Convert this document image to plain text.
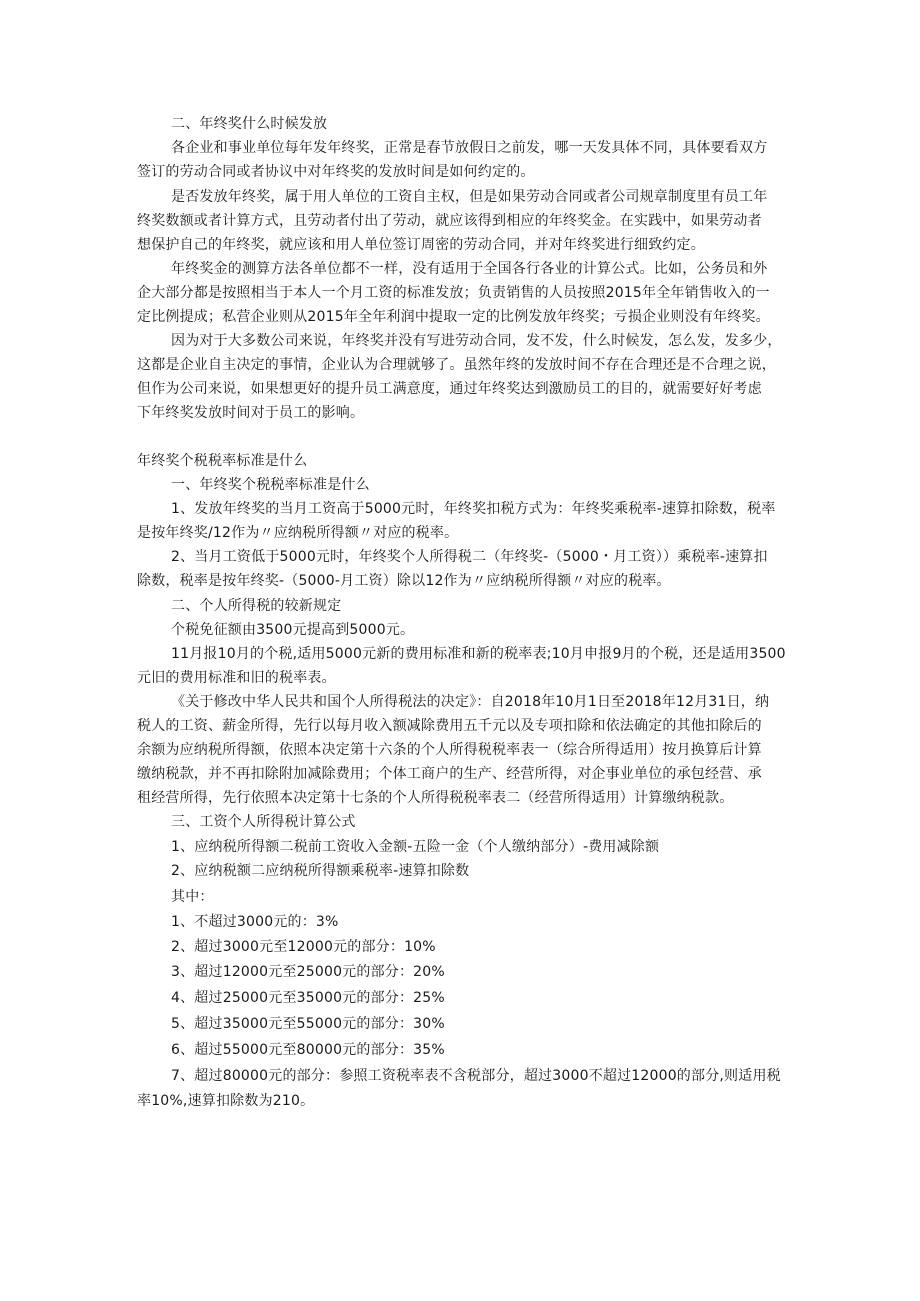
二、年终奖什么时候发放
各企业和事业单位每年发年终奖，正常是春节放假日之前发，哪一天发具体不同，具体要看双方
签订的劳动合同或者协议中对年终奖的发放时间是如何约定的。
是否发放年终奖，属于用人单位的工资自主权，但是如果劳动合同或者公司规章制度里有员工年
终奖数额或者计算方式，且劳动者付出了劳动，就应该得到相应的年终奖金。在实践中，如果劳动者
想保护自己的年终奖，就应该和用人单位签订周密的劳动合同，并对年终奖进行细致约定。
年终奖金的测算方法各单位都不一样，没有适用于全国各行各业的计算公式。比如，公务员和外
企大部分都是按照相当于本人一个月工资的标准发放；负责销售的人员按照2015年全年销售收入的一
定比例提成；私营企业则从2015年全年利润中提取一定的比例发放年终奖；亏损企业则没有年终奖。
因为对于大多数公司来说，年终奖并没有写进劳动合同，发不发，什么时候发，怎么发，发多少，
这都是企业自主决定的事情，企业认为合理就够了。虽然年终的发放时间不存在合理还是不合理之说，
但作为公司来说，如果想更好的提升员工满意度，通过年终奖达到激励员工的目的，就需要好好考虑
下年终奖发放时间对于员工的影响。
年终奖个税税率标准是什么
一、年终奖个税税率标准是什么
1、发放年终奖的当月工资高于5000元时，年终奖扣税方式为：年终奖乘税率-速算扣除数，税率
是按年终奖/12作为〃应纳税所得额〃对应的税率。
2、当月工资低于5000元时，年终奖个人所得税二（年终奖-（5000・月工资））乘税率-速算扣
除数，税率是按年终奖-（5000-月工资）除以12作为〃应纳税所得额〃对应的税率。
二、个人所得税的较新规定
个税免征额由3500元提高到5000元。
11月报10月的个税,适用5000元新的费用标准和新的税率表;10月申报9月的个税，还是适用3500
元旧的费用标准和旧的税率表。
《关于修改中华人民共和国个人所得税法的决定》：自2018年10月1日至2018年12月31日，纳
税人的工资、薪金所得，先行以每月收入额减除费用五千元以及专项扣除和依法确定的其他扣除后的
余额为应纳税所得额，依照本决定第十六条的个人所得税税率表一（综合所得适用）按月换算后计算
缴纳税款，并不再扣除附加减除费用；个体工商户的生产、经营所得，对企事业单位的承包经营、承
租经营所得，先行依照本决定第十七条的个人所得税税率表二（经营所得适用）计算缴纳税款。
三、工资个人所得税计算公式
1、应纳税所得额二税前工资收入金额-五险一金（个人缴纳部分）-费用减除额
2、应纳税额二应纳税所得额乘税率-速算扣除数
其中：
1、不超过3000元的：3%
2、超过3000元至12000元的部分：10%
3、超过12000元至25000元的部分：20%
4、超过25000元至35000元的部分：25%
5、超过35000元至55000元的部分：30%
6、超过55000元至80000元的部分：35%
7、超过80000元的部分：参照工资税率表不含税部分，超过3000不超过12000的部分,则适用税
率10%,速算扣除数为210。
